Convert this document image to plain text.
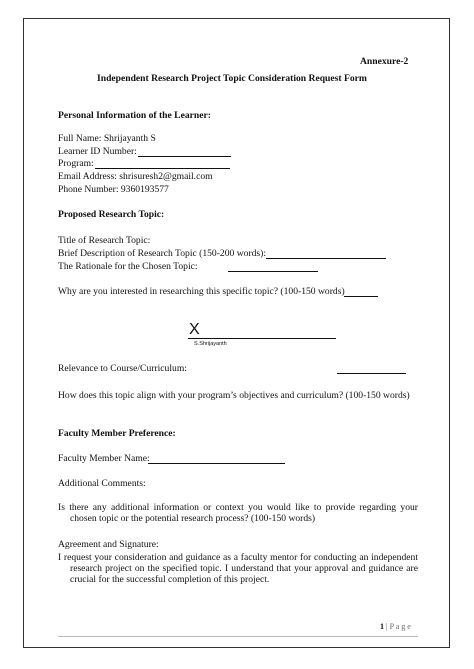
Annexure-2
Independent Research Project Topic Consideration Request Form
Personal Information of the Learner:
Full Name: Shrijayanth S
Learner ID Number:
Program:
Email Address: shrisuresh2@gmail.com
Phone Number: 9360193577
Proposed Research Topic:
Title of Research Topic:
Brief Description of Research Topic (150-200 words):
The Rationale for the Chosen Topic:
Why are you interested in researching this specific topic? (100-150 words)
X
S.Shrijayanth
Relevance to Course/Curriculum:
How does this topic align with your program’s objectives and curriculum? (100-150 words)
Faculty Member Preference:
Faculty Member Name:
Additional Comments:
Is there any additional information or context you would like to provide regarding your chosen topic or the potential research process? (100-150 words)
Agreement and Signature:
I request your consideration and guidance as a faculty mentor for conducting an independent research project on the specified topic. I understand that your approval and guidance are crucial for the successful completion of this project.
1 | P a g e
